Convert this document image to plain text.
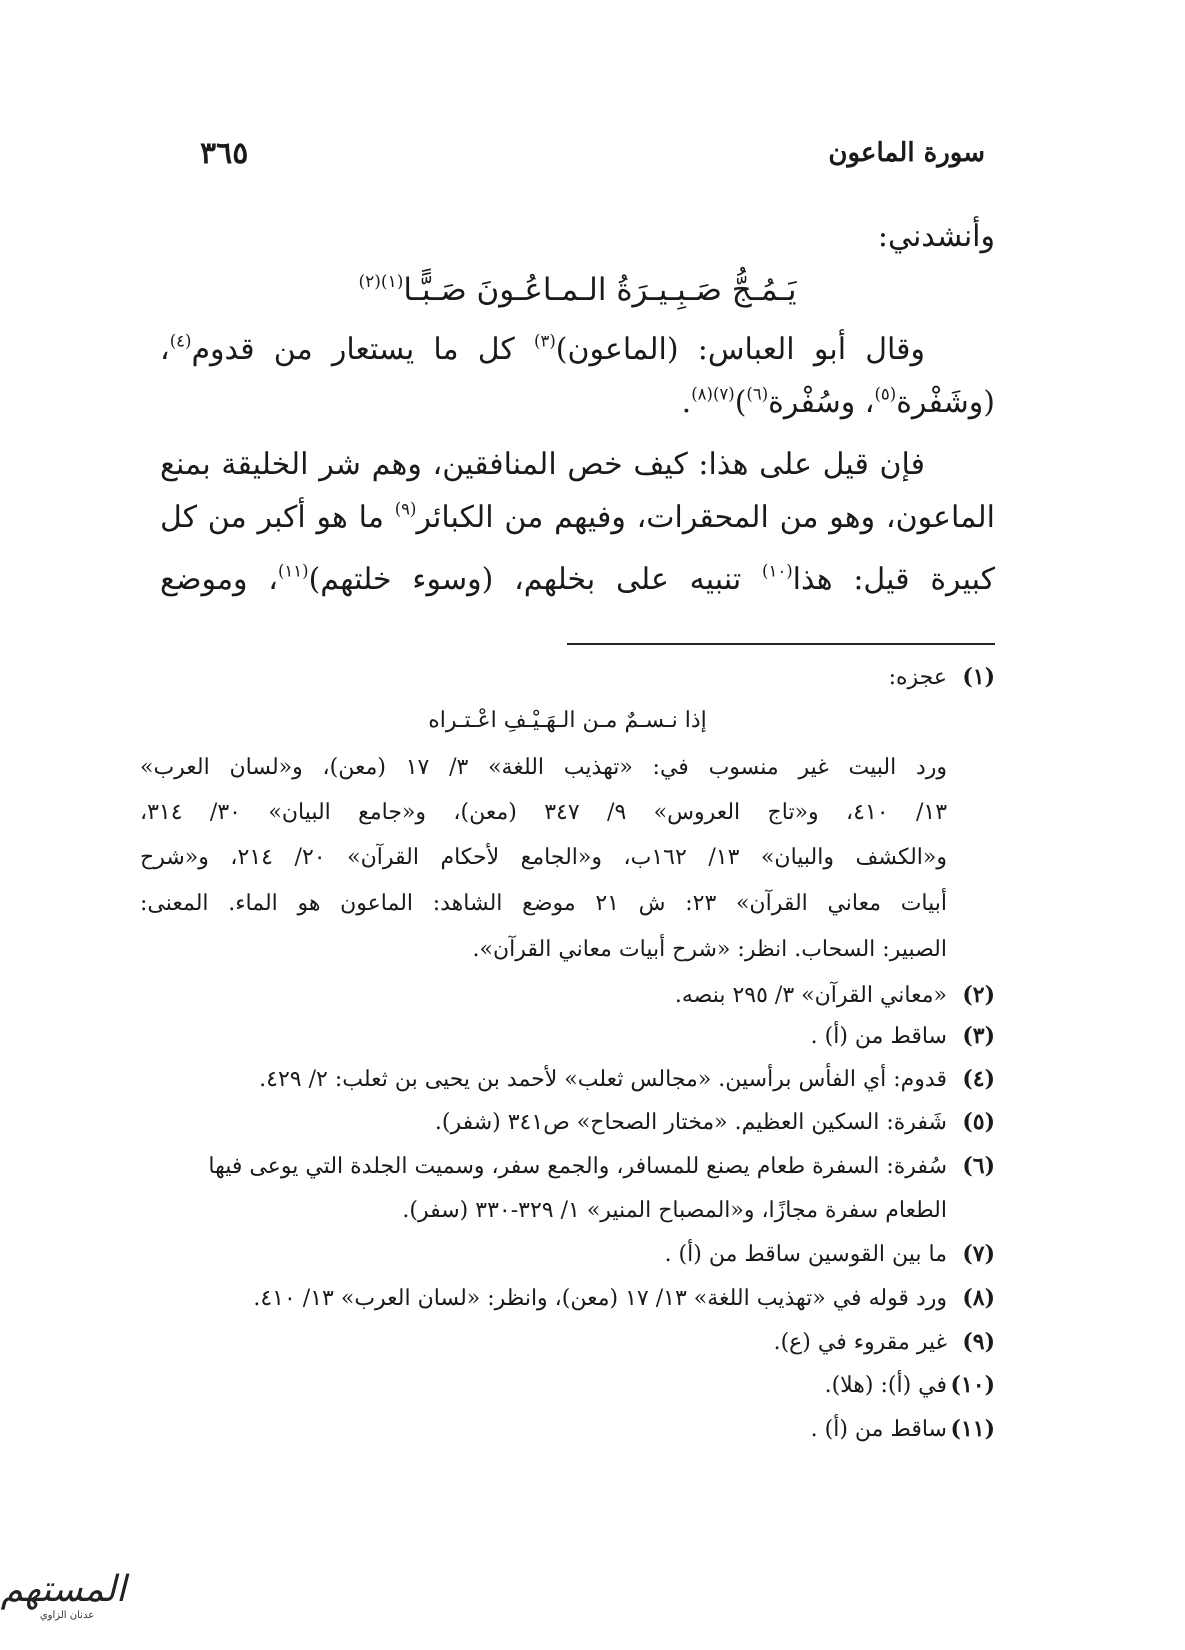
سورة الماعون
٣٦٥
وأنشدني:
يَـمُـجُّ صَـبِـيـرَةُ الـمـاعُـونَ صَـبًّـا$^{(١)(٢)}$
وقال أبو العباس: (الماعون)$^{(٣)}$ كل ما يستعار من قدوم$^{(٤)}$،
(وشَفْرة$^{(٥)}$، وسُفْرة$^{(٦)}$)$^{(٧)(٨)}$.
فإن قيل على هذا: كيف خص المنافقين، وهم شر الخليقة بمنع
الماعون، وهو من المحقرات، وفيهم من الكبائر$^{(٩)}$ ما هو أكبر من كل
كبيرة قيل: هذا$^{(١٠)}$ تنبيه على بخلهم، (وسوء خلتهم)$^{(١١)}$، وموضع
(١)عجزه:
إذا نـسـمٌ مـن الـهَـيْـفِ اعْـتـراه
ورد البيت غير منسوب في: «تهذيب اللغة» ٣/ ١٧ (معن)، و«لسان العرب»
١٣/ ٤١٠، و«تاج العروس» ٩/ ٣٤٧ (معن)، و«جامع البيان» ٣٠/ ٣١٤،
و«الكشف والبيان» ١٣/ ١٦٢ب، و«الجامع لأحكام القرآن» ٢٠/ ٢١٤، و«شرح
أبيات معاني القرآن» ٢٣: ش ٢١ موضع الشاهد: الماعون هو الماء. المعنى:
الصبير: السحاب. انظر: «شرح أبيات معاني القرآن».
(٢)«معاني القرآن» ٣/ ٢٩٥ بنصه.
(٣)ساقط من (أ) .
(٤)قدوم: أي الفأس برأسين. «مجالس ثعلب» لأحمد بن يحيى بن ثعلب: ٢/ ٤٢٩.
(٥)شَفرة: السكين العظيم. «مختار الصحاح» ص٣٤١ (شفر).
(٦)سُفرة: السفرة طعام يصنع للمسافر، والجمع سفر، وسميت الجلدة التي يوعى فيها
الطعام سفرة مجازًا، و«المصباح المنير» ١/ ٣٢٩-٣٣٠ (سفر).
(٧)ما بين القوسين ساقط من (أ) .
(٨)ورد قوله في «تهذيب اللغة» ١٣/ ١٧ (معن)، وانظر: «لسان العرب» ١٣/ ٤١٠.
(٩)غير مقروء في (ع).
(١٠)في (أ): (هلا).
(١١)ساقط من (أ) .
المستهم
عدنان الزاوي
